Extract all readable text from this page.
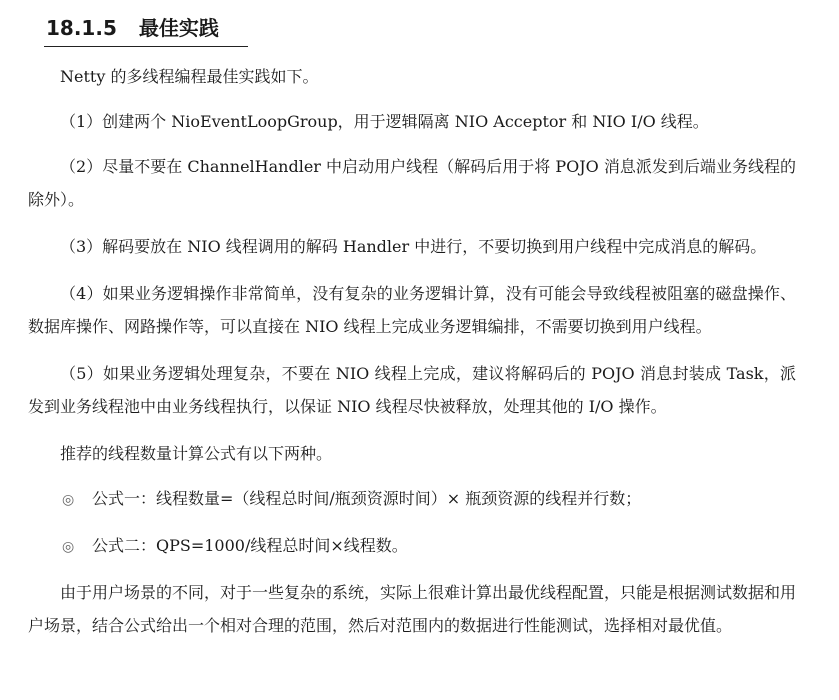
18.1.5 最佳实践

Netty 的多线程编程最佳实践如下。

（1）创建两个 NioEventLoopGroup，用于逻辑隔离 NIO Acceptor 和 NIO I/O 线程。

（2）尽量不要在 ChannelHandler 中启动用户线程（解码后用于将 POJO 消息派发到后端业务线程的除外）。

（3）解码要放在 NIO 线程调用的解码 Handler 中进行，不要切换到用户线程中完成消息的解码。

（4）如果业务逻辑操作非常简单，没有复杂的业务逻辑计算，没有可能会导致线程被阻塞的磁盘操作、数据库操作、网路操作等，可以直接在 NIO 线程上完成业务逻辑编排，不需要切换到用户线程。

（5）如果业务逻辑处理复杂，不要在 NIO 线程上完成，建议将解码后的 POJO 消息封装成 Task，派发到业务线程池中由业务线程执行，以保证 NIO 线程尽快被释放，处理其他的 I/O 操作。

推荐的线程数量计算公式有以下两种。

◎ 公式一：线程数量=（线程总时间/瓶颈资源时间）× 瓶颈资源的线程并行数；
◎ 公式二：QPS=1000/线程总时间×线程数。

由于用户场景的不同，对于一些复杂的系统，实际上很难计算出最优线程配置，只能是根据测试数据和用户场景，结合公式给出一个相对合理的范围，然后对范围内的数据进行性能测试，选择相对最优值。
